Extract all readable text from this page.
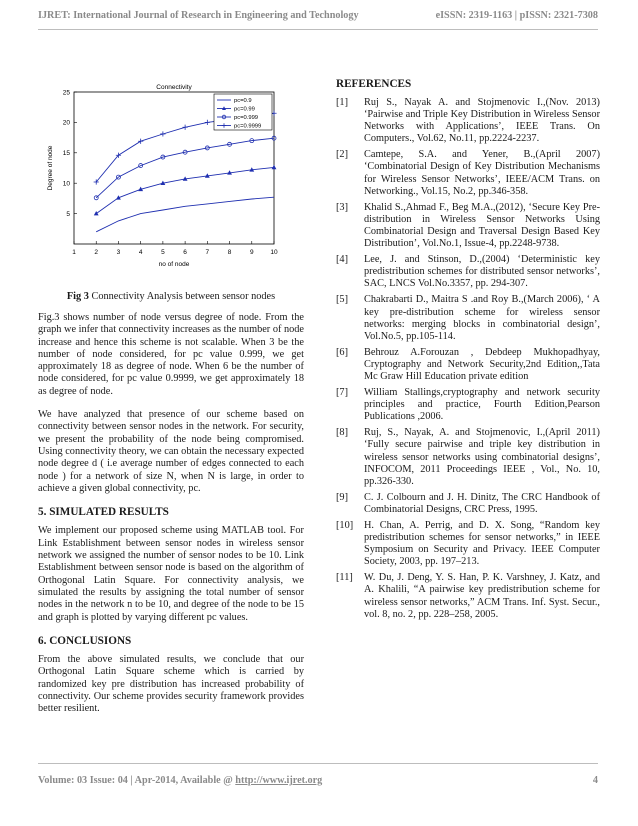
IJRET: International Journal of Research in Engineering and Technology	eISSN: 2319-1163 | pISSN: 2321-7308
Connectivity
no of node
Degree of node
1	2	3	4	5	6	7	8	9	10
5
10
15
20
25
pc=0.9
pc=0.99
pc=0.999
pc=0.9999
Fig 3 Connectivity Analysis between sensor nodes

Fig.3 shows number of node versus degree of node. From the graph we infer that connectivity increases as the number of node increase and hence this scheme is not scalable. When 3 be the number of node considered, for pc value 0.999, we get approximately 18 as degree of node. When 6 be the number of node considered, for pc value 0.9999, we get approximately 18 as degree of node.

We have analyzed that presence of our scheme based on connectivity between sensor nodes in the network. For security, we present the probability of the node being compromised. Using connectivity theory, we can obtain the necessary expected node degree d ( i.e average number of edges connected to each node ) for a network of size N, when N is large, in order to achieve a given global connectivity, pc.

5. SIMULATED RESULTS

We implement our proposed scheme using MATLAB tool. For Link Establishment between sensor nodes in wireless sensor network we assigned the number of sensor nodes to be 10. Link Establishment between sensor node is based on the algorithm of Orthogonal Latin Square. For connectivity analysis, we simulated the results by assigning the total number of sensor nodes in the network n to be 10, and degree of the node to be 15 and graph is plotted by varying different pc values.

6. CONCLUSIONS

From the above simulated results, we conclude that our Orthogonal Latin Square scheme which is carried by randomized key pre distribution has increased probability of connectivity. Our scheme provides security framework provides better resilient.

REFERENCES
[1]	Ruj S., Nayak A. and Stojmenovic I.,(Nov. 2013) ‘Pairwise and Triple Key Distribution in Wireless Sensor Networks with Applications’, IEEE Trans. On Computers., Vol.62, No.11, pp.2224-2237.
[2]	Camtepe, S.A. and Yener, B.,(April 2007) ‘Combinatorial Design of Key Distribution Mechanisms for Wireless Sensor Networks’, IEEE/ACM Trans. on Networking., Vol.15, No.2, pp.346-358.
[3]	Khalid S.,Ahmad F., Beg M.A.,(2012), ‘Secure Key Pre-distribution in Wireless Sensor Networks Using Combinatorial Design and Traversal Design Based Key Distribution’, Vol.No.1, Issue-4, pp.2248-9738.
[4]	Lee, J. and Stinson, D.,(2004) ‘Deterministic key predistribution schemes for distributed sensor networks’, SAC, LNCS Vol.No.3357, pp. 294-307.
[5]	Chakrabarti D., Maitra S .and Roy B.,(March 2006), ‘ A key pre-distribution scheme for wireless sensor networks: merging blocks in combinatorial design’, Vol.No.5, pp.105-114.
[6]	Behrouz A.Forouzan , Debdeep Mukhopadhyay, Cryptography and Network Security,2nd Edition,,Tata Mc Graw Hill Education private edition
[7]	William Stallings,cryptography and network security principles and practice, Fourth Edition,Pearson Publications ,2006.
[8]	Ruj, S., Nayak, A. and Stojmenovic, I.,(April 2011) ‘Fully secure pairwise and triple key distribution in wireless sensor networks using combinatorial designs’, INFOCOM, 2011 Proceedings IEEE , Vol., No. 10, pp.326-330.
[9]	C. J. Colbourn and J. H. Dinitz, The CRC Handbook of Combinatorial Designs, CRC Press, 1995.
[10]	H. Chan, A. Perrig, and D. X. Song, “Random key predistribution schemes for sensor networks,” in IEEE Symposium on Security and Privacy. IEEE Computer Society, 2003, pp. 197–213.
[11]	W. Du, J. Deng, Y. S. Han, P. K. Varshney, J. Katz, and A. Khalili, “A pairwise key predistribution scheme for wireless sensor networks,” ACM Trans. Inf. Syst. Secur., vol. 8, no. 2, pp. 228–258, 2005.
Volume: 03 Issue: 04 | Apr-2014, Available @ http://www.ijret.org	4
